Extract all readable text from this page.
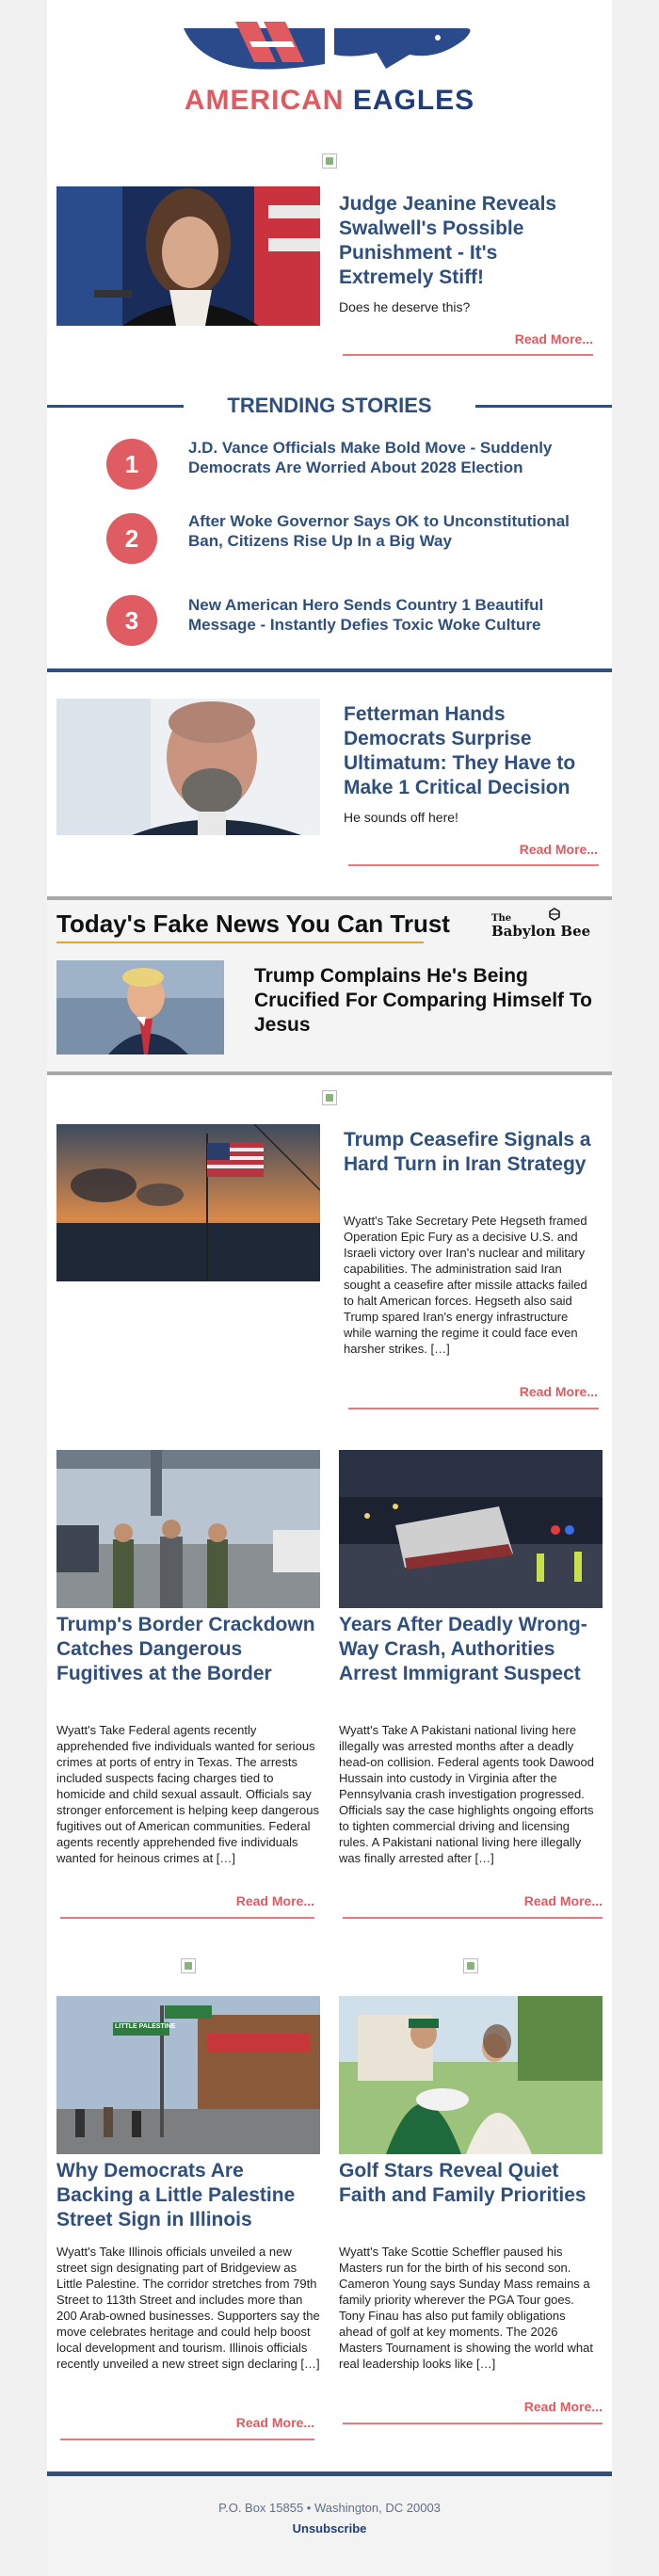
AMERICAN EAGLES
Judge Jeanine Reveals Swalwell's Possible Punishment - It's Extremely Stiff!
Does he deserve this?
Read More...
TRENDING STORIES
1
J.D. Vance Officials Make Bold Move - Suddenly Democrats Are Worried About 2028 Election
2
After Woke Governor Says OK to Unconstitutional Ban, Citizens Rise Up In a Big Way
3
New American Hero Sends Country 1 Beautiful Message - Instantly Defies Toxic Woke Culture
Fetterman Hands Democrats Surprise Ultimatum: They Have to Make 1 Critical Decision
He sounds off here!
Read More...
Today's Fake News You Can Trust	The
Babylon Bee
Trump Complains He's Being Crucified For Comparing Himself To Jesus
Trump Ceasefire Signals a Hard Turn in Iran Strategy
Wyatt's Take Secretary Pete Hegseth framed Operation Epic Fury as a decisive U.S. and Israeli victory over Iran's nuclear and military capabilities. The administration said Iran sought a ceasefire after missile attacks failed to halt American forces. Hegseth also said Trump spared Iran's energy infrastructure while warning the regime it could face even harsher strikes. […]
Read More...
Trump's Border Crackdown Catches Dangerous Fugitives at the Border
Wyatt's Take Federal agents recently apprehended five individuals wanted for serious crimes at ports of entry in Texas. The arrests included suspects facing charges tied to homicide and child sexual assault. Officials say stronger enforcement is helping keep dangerous fugitives out of American communities. Federal agents recently apprehended five individuals wanted for heinous crimes at […]
Read More...
Years After Deadly Wrong-Way Crash, Authorities Arrest Immigrant Suspect
Wyatt's Take A Pakistani national living here illegally was arrested months after a deadly head-on collision. Federal agents took Dawood Hussain into custody in Virginia after the Pennsylvania crash investigation progressed. Officials say the case highlights ongoing efforts to tighten commercial driving and licensing rules. A Pakistani national living here illegally was finally arrested after […]
Read More...
LITTLE PALESTINE
Why Democrats Are Backing a Little Palestine Street Sign in Illinois
Wyatt's Take Illinois officials unveiled a new street sign designating part of Bridgeview as Little Palestine. The corridor stretches from 79th Street to 113th Street and includes more than 200 Arab-owned businesses. Supporters say the move celebrates heritage and could help boost local development and tourism. Illinois officials recently unveiled a new street sign declaring […]
Read More...
Golf Stars Reveal Quiet Faith and Family Priorities
Wyatt's Take Scottie Scheffler paused his Masters run for the birth of his second son. Cameron Young says Sunday Mass remains a family priority wherever the PGA Tour goes. Tony Finau has also put family obligations ahead of golf at key moments. The 2026 Masters Tournament is showing the world what real leadership looks like […]
Read More...
P.O. Box 15855 • Washington, DC 20003
Unsubscribe
